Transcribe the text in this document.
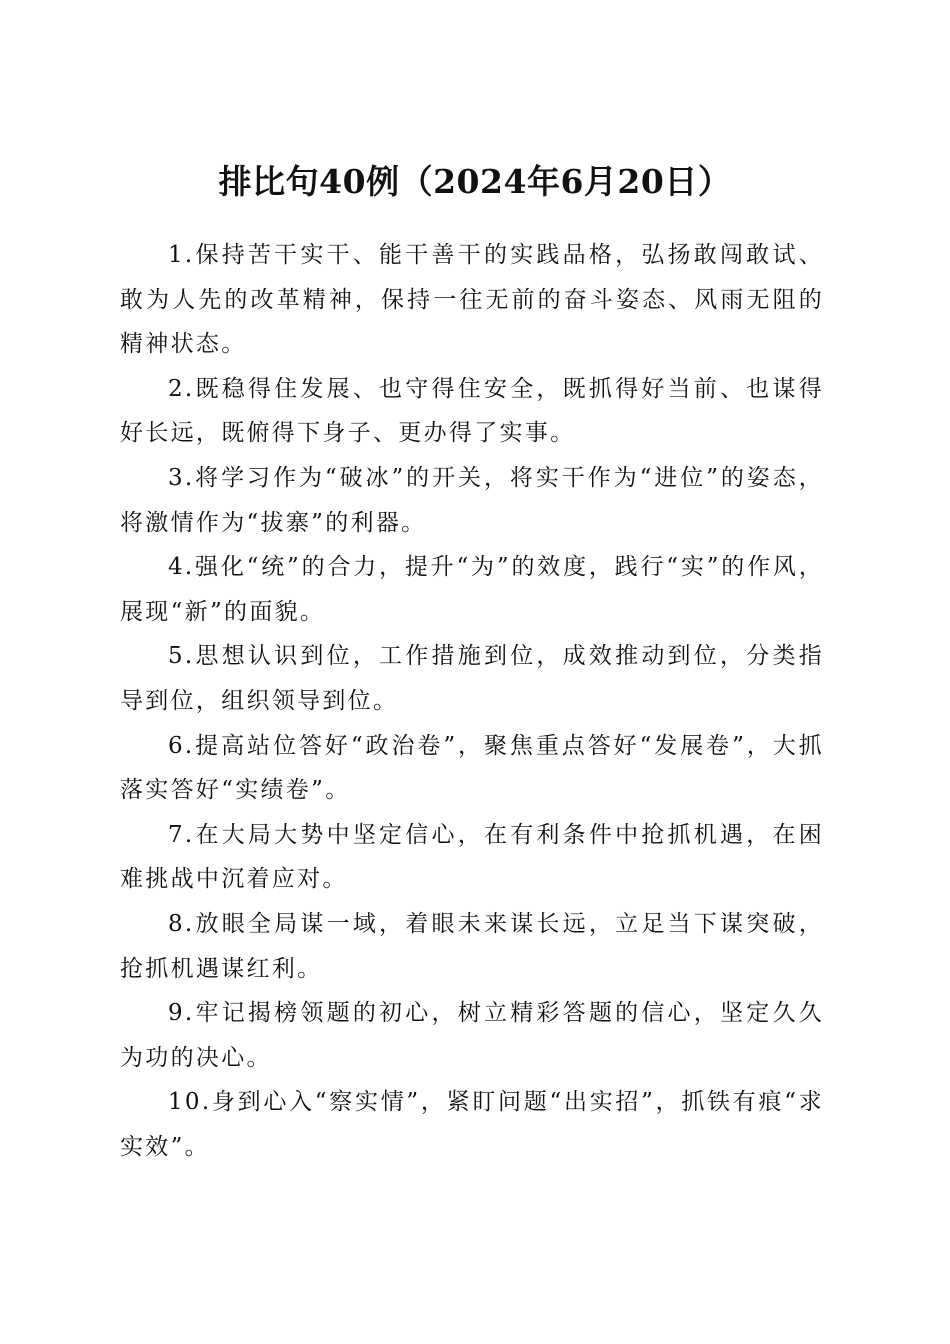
排比句40例（2024年6月20日）

1.保持苦干实干、能干善干的实践品格，弘扬敢闯敢试、敢为人先的改革精神，保持一往无前的奋斗姿态、风雨无阻的精神状态。

2.既稳得住发展、也守得住安全，既抓得好当前、也谋得好长远，既俯得下身子、更办得了实事。

3.将学习作为“破冰”的开关，将实干作为“进位”的姿态，将激情作为“拔寨”的利器。

4.强化“统”的合力，提升“为”的效度，践行“实”的作风，展现“新”的面貌。

5.思想认识到位，工作措施到位，成效推动到位，分类指导到位，组织领导到位。

6.提高站位答好“政治卷”，聚焦重点答好“发展卷”，大抓落实答好“实绩卷”。

7.在大局大势中坚定信心，在有利条件中抢抓机遇，在困难挑战中沉着应对。

8.放眼全局谋一域，着眼未来谋长远，立足当下谋突破，抢抓机遇谋红利。

9.牢记揭榜领题的初心，树立精彩答题的信心，坚定久久为功的决心。

10.身到心入“察实情”，紧盯问题“出实招”，抓铁有痕“求实效”。
